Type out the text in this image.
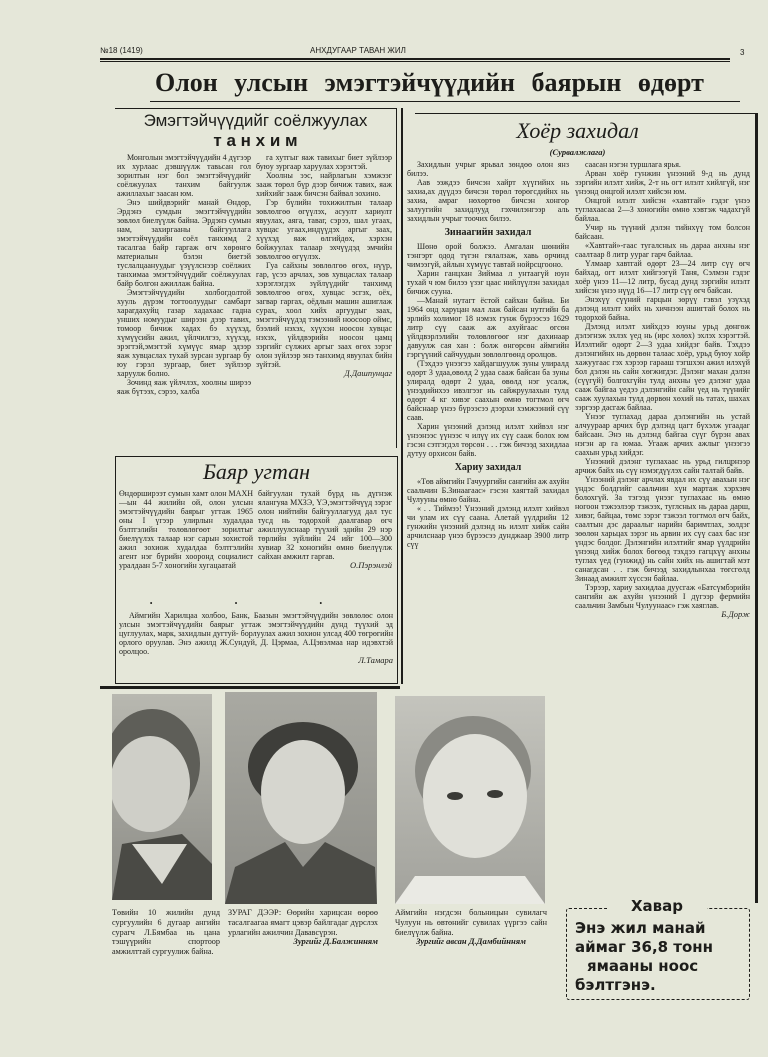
№18 (1419)	АНХДУГААР ТАВАН ЖИЛ	3
Олон улсын эмэгтэйчүүдийн баярын өдөрт
Эмэгтэйчүүдийг соёлжуулах
т а н х и м

Монголын эмэгтэйчүүдийн 4 дүгээр их хурлаас дэвшүүлж тавьсан гол зорилтын нэг бол эмэгтэйчүүдийг соёлжуулах танхим байгуулж ажиллахыг заасан юм.

Энэ шийдвэрийг манай Өндөр, Эрдэнэ сумдын эмэгтэйчүүдийн зөвлөл биелүүлж байна. Эрдэнэ сумын нам, захиргааны байгууллага эмэгтэйчүүдийн соёл танхимд 2 тасалгаа байр гаргаж өгч хөрөнгө материалын бэлэн биетэй туслалцаануудыг үзүүлснээр соёлжих танхимаа эмэгтэйчүүдийг соёлжуулах байр болгон ажиллаж байна.

Эмэгтэйчүүдийн холбогдолтой хууль дүрэм тогтоолуудыг самбарт харагдахуйц газар хадахаас гадна унших номуудыг ширээн дээр тавих, томоор бичиж хадах бэ хүүхэд, хүмүүсийн ажил, үйлчилгээ, хүүхэд, эрэгтэй,эмэгтэй хүмүүс ямар эдээр яаж хувцаслах тухай зурсан зургаар бу юу гэрэл зургаар, биет зүйлээр харуулж болно.

Зочинд яаж үйлчлэх, хоолны ширээ яаж бүтээх, сэрээ, халба

га хутгыг яаж тавихыг биет зүйлээр буюу зургаар харуулах хэрэгтэй.

Хоолны ээс, найрлагын хэмжээг зааж төрөл бүр дээр бичиж тавих, яаж хийхийг зааж бичсэн байвал зохино.

Гэр бүлийн тохижилтын талаар зөвлөлгөө өгүүлэх, асуулт хариулт явуулах, аяга, таваг, сэрээ, шал угаах, хувцас угаах,индүүдэх аргыг заах, хүүхэд яаж өлгийдөх, хэрхэн бойжуулах талаар эхчүүдэд эмчийн зөвлөлгөө өгүүлэх.

Гуа сайхны зөвлөлгөө өгөх, нүүр, гар, үсээ арчлах, зөв хувцаслах талаар хэрэглэгдэх зүйлүүдийг танхимд зөвлөлгөө өгөх, хувцас эсгэх, оёх, загвар гаргах, оёдлын машин ашиглаж сурах, хоол хийх аргуудыг заах, эмэгтэйчүүдэд тэмээний ноосоор оймс, бээлий нэхэх, хүүхэн ноосон хувцас нэхэх, үйлдвэрийн ноосон цамц зэргийг сүлжих аргыг заах өгөх зэрэг олон зүйлээр энэ танхимд явуулах бийн зүйтэй.

Д.Дашпунцаг
Баяр угтан

Өндөрширээт сумын хамт олон МАХН—ын 44 жилийн ой, олон улсын эмэгтэйчүүдийн баярыг угтаж 1965 оны I үгээр улирлын худалдаа бэлтгэлийн төлөвлөгөөт зорилтыг биелүүлэх талаар нэг сарын зохистой ажил зохиож худалдаа бэлтгэлийн агент нэг бүрийн хооронд социалист уралдаан 5-7 хоногийн хугацаатай

байгуулан тухай бүрд нь дүгнэж ялангуяа МХЗЭ, ҮЭ,эмэгтэйчүүд зэрэг олон нийтийн байгууллагууд дал тус тусд нь тодорхой даалгавар өгч ажиллуулснаар түүхий эдийн 29 нэр төрлийн зүйлийн 24 ийг 100—300 хувиар 32 хоногийн өмнө биелүүлж сайхан амжилт гаргав.

О.Пэрэнлэй
• • •

Аймгийн Харилцаа холбоо, Банк, Баазын эмэгтэйчүүдийн зөвлөлөс олон улсын эмэгтэйчүүдийн баярыг угтаж эмэгтэйчүүдийн дунд түүхий эд цуглуулах, марк, захидлын дугтуй- борлуулах ажил зохион улсад 400 төгрөгийн орлого оруулав. Энэ ажилд Ж.Сундуй, Д. Цэрмаа, А.Цэвэлмаа нар идэвхтэй оролцоо.

Л.Тамара
Хоёр захидал
(Сурвалжлага)

Захидлын учрыг ярьвал зөндөө олон янз билээ.

Аав ээждээ бичсэн хайрт хүүгийнх нь захиа,ах дүүдээ бичсэн төрөл төрөгсдийнх нь захиа, амраг нөхөртөө бичсэн хонгор залуугийн захидлууд гэхчилэнгээр аль захидлын учрыг тоочих билээ.

Зинаагийн захидал

Шөнө орой болжээ. Амгалан шөнийн тэнгэрт одод түгэн гялалзаж, хавь орчинд чимээгүй, айлын хүмүүс тавтай нойрсцгооно.

Харин ганцхан Зиймаа л унтаагүй юун тухай ч юм билээ үзэг цаас нийлүүлэн захидал бичиж сууна.

—Манай нутагт ёстой сайхан байна. Би 1964 онд харуцан мал лаж байсан нутгийн ба эрлийз холимог 18 нэмэх гунж бүрээсээ 1629 литр сүү сааж аж ахуйгаас өгсөн үйлдвэрлэлийн төлөвлөгөөг нэг дахинаар давуулж сая хан : болж өнгөрсөн аймгийн гэргүүний сайчуудын зөвлөлгөөнд оролцов.

(Тэхдээ үнээгээ хайдагшуулж зуны улиралд өдөрт 3 удаа,өвөлд 2 удаа сааж байсан ба зуны улиралд өдөрт 2 удаа, өвөлд нэг усалж, үнээдийнхээ ивэлгээг нь сайжруулахын тулд өдөрт 4 кг хивэг саахын өмнө тогтмол өгч байснаар үнээ бүрээсээ дээрхи хэмжээний сүү саав.

Харин үнээний дэлэнд илэлт хийвэл нэг үнээнээс үүнээс ч илүү их сүү сааж болох юм гэсэн сэтгэгдэл төрсөн . . . гэж бичээд захидлаа дутуу орхисон байв.

Хариу захидал

«Төв аймгийн Гачуургийн сангийн аж ахуйн саальчин Б.Зинаагаас» гэсэн хаягтай захидал Чулууны өмнө байна.

« . . Тиймээ! Үнээний дэлэнд илэлт хийвэл чи улам их сүү саана. Алетай үүлдрийн 12 гунжийн үнээний дэлэнд нь илэлт хийж сайн арчилснаар үнээ бүрээсээ дунджаар 3900 литр сүү

саасан нэгэн туршлага ярья.

Арван хоёр гунжин үнээний 9-д нь дунд зэргийн илэлт хийж, 2-т нь огт илэлт хийлгүй, нэг үнээнд онцгой илэлт хийсэн юм.

Онцгой илэлт хийсэн «хавтгай» гэдэг үнээ туглахаасаа 2—3 хоногийн өмнө хэвтэж чадахгүй байлаа.

Учир нь түүний дэлэн тийнхүү том болсон байсаан.

«Хавтгай»-гаас тугалсных нь дараа анхны нэг саалтаар 8 литр уураг гарч байлаа.

Үлмаар хавтгай өдөрт 23—24 литр сүү өгч байхад, огт илэлт хийгээгүй Таня, Сэлмэн гэдэг хоёр үнээ 11—12 литр, бусад дунд зэргийн илэлт хийсэн үнээ нүүд 16—17 литр сүү өгч байсан.

Энэхүү сүүний гарцын зөрүү гэвэл узүхэд дэлэнд илэлт хийх нь хичнээн ашигтай болох нь тодорхой байна.

Дэлэнд илэлт хийхдээ юуны урьд дөнгөж дэлэгнэж эхлэх үед нь (ирс хөлөх) эхлэх хэрэгтэй. Илэлтийг өдөрт 2—3 удаа хийдэг байв. Тэхдээ дэлэнгийнх нь дөрвөн талаас хоёр, урьд буюу хойр хажуугаас гэх хэрээр гарааш тэгшхэн ажил илэхүй бол дэлэн нь сайн хөгжигдэг. Дэлэнг махан дэлэн (сүүгүй) болгохгүйн тулд анхны үеэ дэлэнг удаа сааж байгаа үедээ дэлэнгийн сайн үед нь түүнийг сааж хуулахын тулд дөрвөн хөхий нь татах, шахах зэргээр дасгаж байлаа.

Үнээг туглахад дараа дэлэнгийн нь устай алчуураар арчих бүр дэлэнд цагт бүхэлж угаадаг байсаан. Энэ нь дэлэнд байгаа сүүг бүрэн авах нэгэн ар га юмаа. Угааж арчих ажлыг үнээгээ саахын урьд хийдэг.

Үнээний дэлэнг туглахаас нь урьд гилцрнээр арчиж байх нь сүү нэмэгдүүлэх сайн талтай байв.

Үнээний дэлэнг арчлах явдал их сүү авахын нэг үндэс болдгийг саальчин хүн мартаж хэрхэвч болохгүй. За тэгээд үнээг туглахаас нь өмнө ногоон тэжээлээр тэжээх, туглсных нь дараа дарш, хивэг, байцаа, төмс зэрэг тэжээл тогтмол өгч байх, саалтын дэс дараалыг нарийн баримтлах, зөлдэг зөөлөн харьцах зэрэг нь арвин их сүү саах бас нэг үндэс болдог. Дэлэнгийн илэлтийг ямар үүлдрийн үнээнд хийж болох бөгөөд тэхдээ гагцхүү анхны туглах үед (гунжид) нь сайн хийх нь ашигтай мэт санагдсан . . гэж бичээд захидлынхаа төгсгөлд Зинаад амжилт хүссэн байлаа.

Тэрээр, хариу захидлаа дуусгаж «Батсүмбэрийн сангийн аж ахуйн үнээний I дүгээр фермийн саальчин Замбын Чулуунаас» гэж хаяглав.

Б.Дорж
Төвийн 10 жилийн дунд сургуулийн 6 дугаар ангийн сурагч Л.Бямбаа нь цана тэшүүрийн спортоор амжилттай сургуулиж байна.
ЗУРАГ ДЭЭР: Өөрийн харицсан өөрөө тасалгаагаа ямагт цэвэр байлгадаг дүрслэх урлагийн ажилчин Дававсүрэн.
Зургийг Д.Балжинням
Аймгийн нэгдсэн больницын сувилагч Чулуун нь өвтөнийг сувилах үүргээ сайн биелүүлж байна.
Зургийг авсан Д.Дамбийнням
Хавар
Энэ жил манай
аймаг 36,8 тонн
ямааны ноос
бэлтгэнэ.
